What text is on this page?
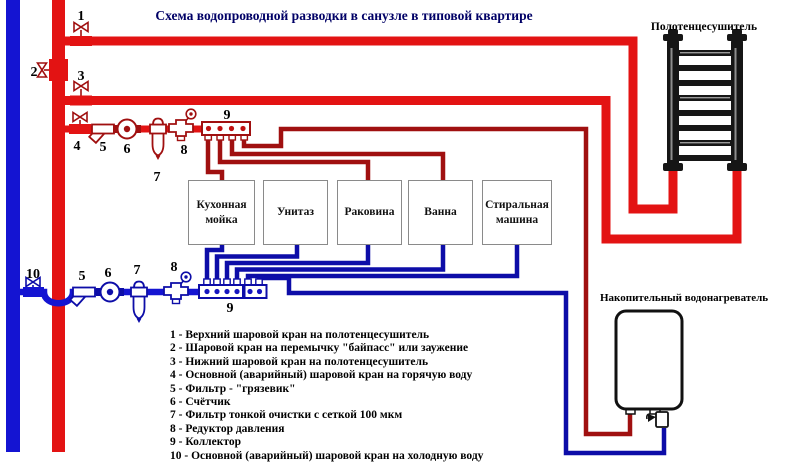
1
2	3
4 5 6
7
8
9
10	5 6 7 8
9
Схема водопроводной разводки в санузле в типовой квартире
Полотенцесушитель
Накопительный водонагреватель
Кухонная мойка
Унитаз	Раковина	Ванна
Стиральная машина
1 - Верхний шаровой кран на полотенцесушитель
2 - Шаровой кран на перемычку "байпасс" или заужение
3 - Нижний шаровой кран на полотенцесушитель
4 - Основной (аварийный) шаровой кран на горячую воду
5 - Фильтр - "грязевик"
6 - Счётчик
7 - Фильтр тонкой очистки с сеткой 100 мкм
8 - Редуктор давления
9 - Коллектор
10 - Основной (аварийный) шаровой кран на холодную воду
